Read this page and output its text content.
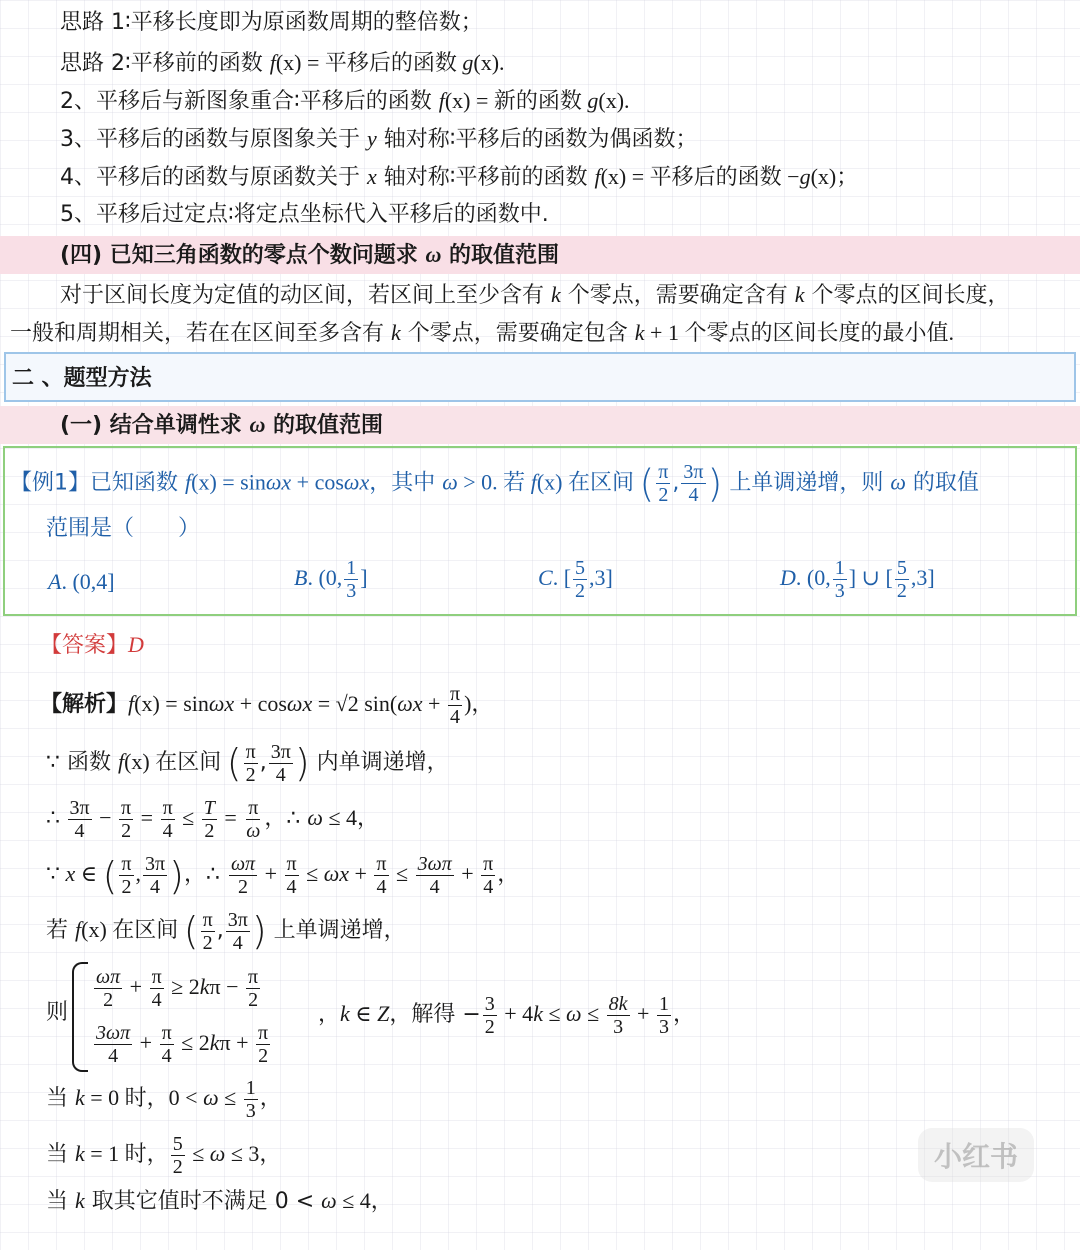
思路 1∶平移长度即为原函数周期的整倍数；
思路 2∶平移前的函数 f(x) = 平移后的函数 g(x).
2、平移后与新图象重合∶平移后的函数 f(x) = 新的函数 g(x).
3、平移后的函数与原图象关于 y 轴对称∶平移后的函数为偶函数；
4、平移后的函数与原函数关于 x 轴对称∶平移前的函数 f(x) = 平移后的函数 −g(x)；
5、平移后过定点∶将定点坐标代入平移后的函数中.
(四) 已知三角函数的零点个数问题求 ω 的取值范围
对于区间长度为定值的动区间，若区间上至少含有 k 个零点，需要确定含有 k 个零点的区间长度，
一般和周期相关，若在在区间至多含有 k 个零点，需要确定包含 k + 1 个零点的区间长度的最小值.
二 、题型方法
(一) 结合单调性求 ω 的取值范围
【例1】已知函数 f(x) = sinωx + cosωx，其中 ω > 0. 若 f(x) 在区间 ( $\frac{\pi}{2}$ , $\frac{3\pi}{4}$ ) 上单调递增，则 ω 的取值
范围是（　　）
A. (0,4]	B. (0, $\frac{1}{3}$ ]	C. [ $\frac{5}{2} ,3$]	D. (0, $\frac{1}{3}$ ] ∪ [ $\frac{5}{2} ,3$]
【答案】D
【解析】f(x) = sinωx + cosωx = √2 $\sin(\omega x + \frac{\pi}{4}$ )，
∵ 函数 f(x) 在区间 ( $\frac{\pi}{2}$ , $\frac{3\pi}{4}$ ) 内单调递增，
∴ $\frac{3\pi}{4} - \frac{\pi}{2} = \frac{\pi}{4} \le \frac{T}{2} = \frac{\pi}{\omega}$ ，∴ ω ≤ 4，
∵ x ∈ ( $\frac{\pi}{2}$ , $\frac{3\pi}{4}$ )，∴ $\frac{\omega\pi}{2} + \frac{\pi}{4} \le \omega x + \frac{\pi}{4} \le \frac{3\omega\pi}{4} + \frac{\pi}{4}$ ，
若 f(x) 在区间 ( $\frac{\pi}{2}$ , $\frac{3\pi}{4}$ ) 上单调递增，
则
$\frac{\omega\pi}{2} + \frac{\pi}{4} \ge 2k\pi - \frac{\pi}{2}$
$\frac{3\omega\pi}{4} + \frac{\pi}{4} \le 2k\pi + \frac{\pi}{2}$
，k ∈ Z，解得 − $\frac{3}{2} + 4k \le \omega \le \frac{8k}{3} + \frac{1}{3}$ ，
当 k = 0 时，$0 < \omega \le \frac{1}{3}$ ，
当 k = 1 时， $\frac{5}{2} \le \omega \le 3$，
当 k 取其它值时不满足 0 < ω ≤ 4，
小红书
